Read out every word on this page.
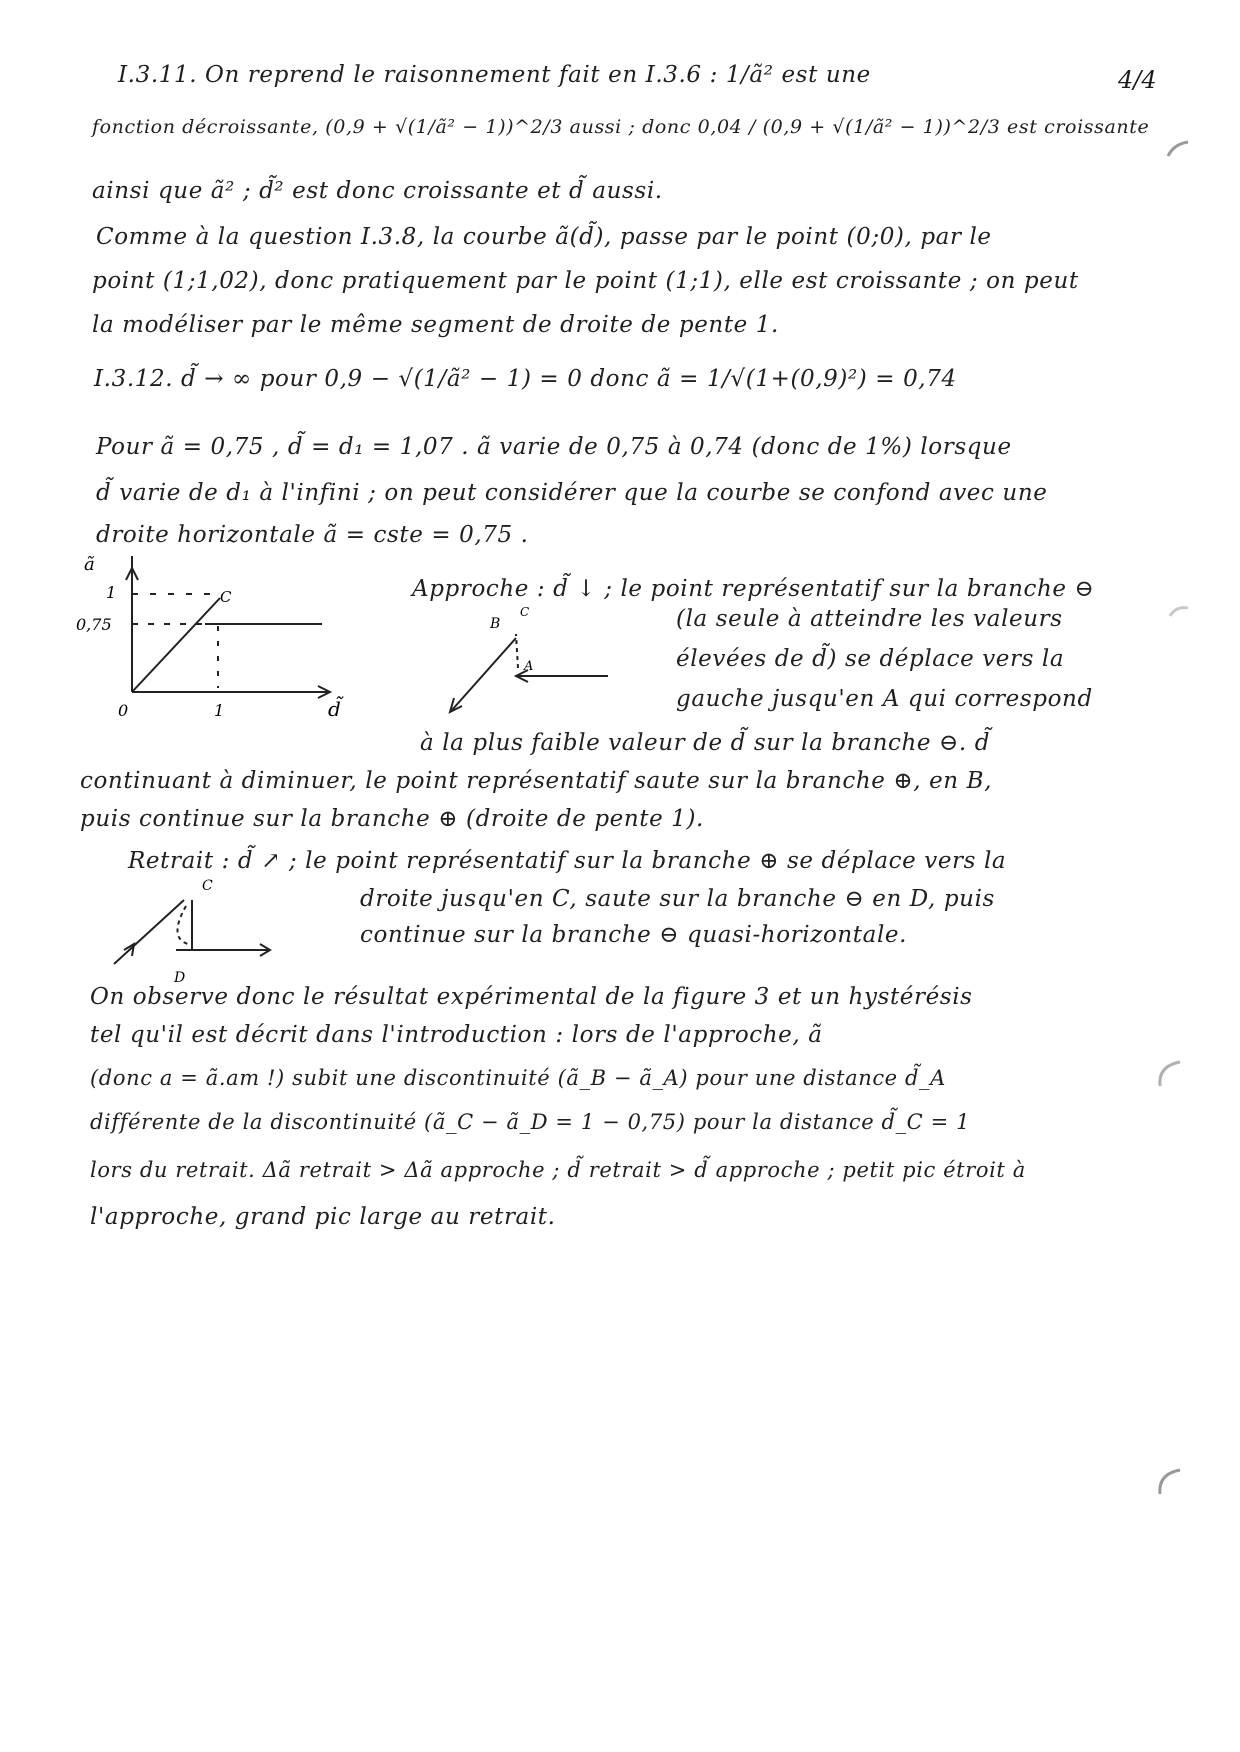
4/4
I.3.11. On reprend le raisonnement fait en I.3.6 : 1/ã² est une
fonction décroissante, (0,9 + √(1/ã² − 1))^2/3 aussi ; donc 0,04 / (0,9 + √(1/ã² − 1))^2/3 est croissante
ainsi que ã² ; d̃² est donc croissante et d̃ aussi.
Comme à la question I.3.8, la courbe ã(d̃), passe par le point (0;0), par le
point (1;1,02), donc pratiquement par le point (1;1), elle est croissante ; on peut
la modéliser par le même segment de droite de pente 1.
I.3.12. d̃ → ∞ pour 0,9 − √(1/ã² − 1) = 0 donc ã = 1/√(1+(0,9)²) = 0,74
Pour ã = 0,75 , d̃ = d₁ = 1,07 . ã varie de 0,75 à 0,74 (donc de 1%) lorsque
d̃ varie de d₁ à l'infini ; on peut considérer que la courbe se confond avec une
droite horizontale ã = cste = 0,75 .
ã
1
0,75
0	1	d̃
C	Approche : d̃ ↓ ; le point représentatif sur la branche ⊖
(la seule à atteindre les valeurs
élevées de d̃) se déplace vers la
gauche jusqu'en A qui correspond
à la plus faible valeur de d̃ sur la branche ⊖. d̃
B
C
A
continuant à diminuer, le point représentatif saute sur la branche ⊕, en B,
puis continue sur la branche ⊕ (droite de pente 1).
Retrait : d̃ ↗ ; le point représentatif sur la branche ⊕ se déplace vers la
droite jusqu'en C, saute sur la branche ⊖ en D, puis
continue sur la branche ⊖ quasi-horizontale.
C
D
On observe donc le résultat expérimental de la figure 3 et un hystérésis
tel qu'il est décrit dans l'introduction : lors de l'approche, ã
(donc a = ã.am !) subit une discontinuité (ã_B − ã_A) pour une distance d̃_A
différente de la discontinuité (ã_C − ã_D = 1 − 0,75) pour la distance d̃_C = 1
lors du retrait. Δã retrait > Δã approche ; d̃ retrait > d̃ approche ; petit pic étroit à
l'approche, grand pic large au retrait.
